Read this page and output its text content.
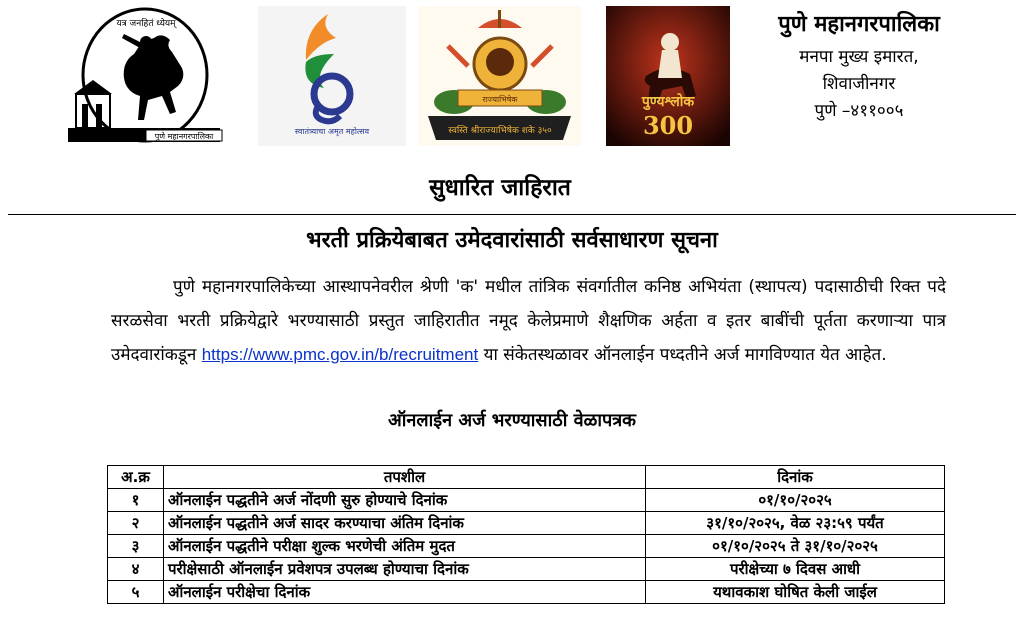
यत्र जनहितं ध्येयम्
पुणे महानगरपालिका
स्वातंत्र्याचा अमृत महोत्सव
राज्याभिषेक
स्वस्ति श्रीराज्याभिषेक शके ३५०
पुण्यश्लोक
300
पुणे महानगरपालिका
मनपा मुख्य इमारत,
शिवाजीनगर
पुणे –४११००५
सुधारित जाहिरात
भरती प्रक्रियेबाबत उमेदवारांसाठी सर्वसाधारण सूचना
पुणे महानगरपालिकेच्या आस्थापनेवरील श्रेणी 'क' मधील तांत्रिक संवर्गातील कनिष्ठ अभियंता (स्थापत्य) पदासाठीची रिक्त पदे सरळसेवा भरती प्रक्रियेद्वारे भरण्यासाठी प्रस्तुत जाहिरातीत नमूद केलेप्रमाणे शैक्षणिक अर्हता व इतर बाबींची पूर्तता करणाऱ्या पात्र उमेदवारांकडून https://www.pmc.gov.in/b/recruitment या संकेतस्थळावर ऑनलाईन पध्दतीने अर्ज मागविण्यात येत आहेत.
ऑनलाईन अर्ज भरण्यासाठी वेळापत्रक
अ.क्र	तपशील	दिनांक
१	ऑनलाईन पद्धतीने अर्ज नोंदणी सुरु होण्याचे दिनांक	०१/१०/२०२५
२	ऑनलाईन पद्धतीने अर्ज सादर करण्याचा अंतिम दिनांक	३१/१०/२०२५, वेळ २३:५९ पर्यंत
३	ऑनलाईन पद्धतीने परीक्षा शुल्क भरणेची अंतिम मुदत	०१/१०/२०२५ ते ३१/१०/२०२५
४	परीक्षेसाठी ऑनलाईन प्रवेशपत्र उपलब्ध होण्याचा दिनांक	परीक्षेच्या ७ दिवस आधी
५	ऑनलाईन परीक्षेचा दिनांक	यथावकाश घोषित केली जाईल
